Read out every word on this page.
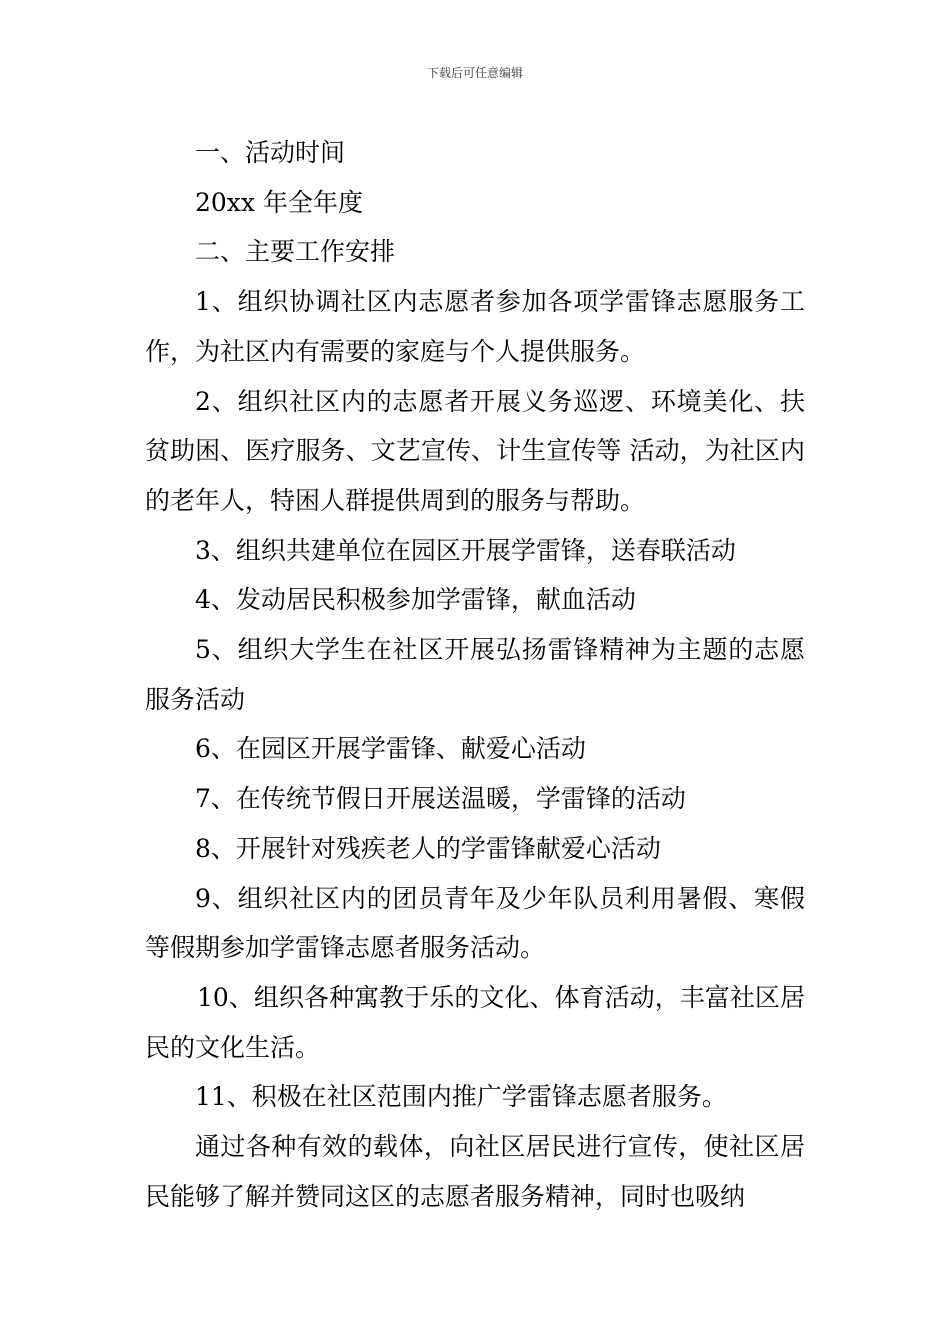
下载后可任意编辑

一、活动时间

20xx 年全年度

二、主要工作安排

1、组织协调社区内志愿者参加各项学雷锋志愿服务工作，为社区内有需要的家庭与个人提供服务。

2、组织社区内的志愿者开展义务巡逻、环境美化、扶贫助困、医疗服务、文艺宣传、计生宣传等 活动，为社区内的老年人，特困人群提供周到的服务与帮助。

3、组织共建单位在园区开展学雷锋，送春联活动

4、发动居民积极参加学雷锋，献血活动

5、组织大学生在社区开展弘扬雷锋精神为主题的志愿服务活动

6、在园区开展学雷锋、献爱心活动

7、在传统节假日开展送温暖，学雷锋的活动

8、开展针对残疾老人的学雷锋献爱心活动

9、组织社区内的团员青年及少年队员利用暑假、寒假等假期参加学雷锋志愿者服务活动。

10、组织各种寓教于乐的文化、体育活动，丰富社区居民的文化生活。

11、积极在社区范围内推广学雷锋志愿者服务。

通过各种有效的载体，向社区居民进行宣传，使社区居民能够了解并赞同这区的志愿者服务精神，同时也吸纳
